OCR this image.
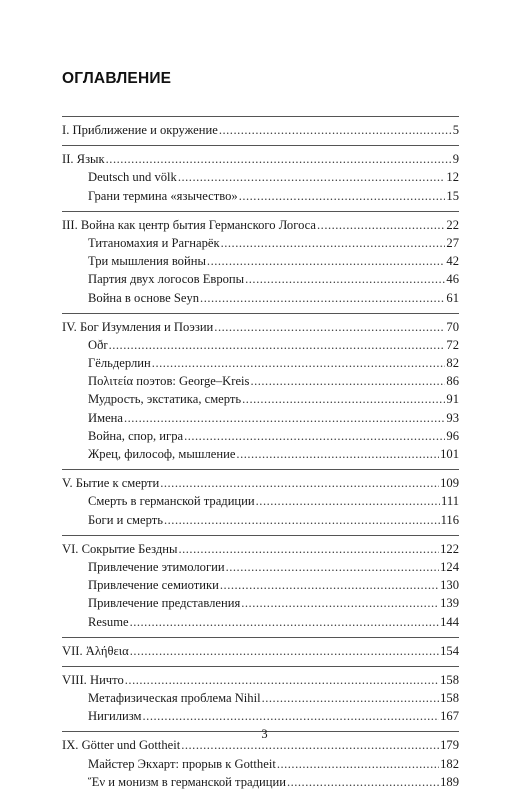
ОГЛАВЛЕНИЕ
I. Приближение и окружение .....	5
II. Язык .....	9
Deutsch und völk .....	12
Грани термина «язычество» .....	15
III. Война как центр бытия Германского Логоса .....	22
Титаномахия и Рагнарёк .....	27
Три мышления войны .....	42
Партия двух логосов Европы .....	46
Война в основе Seyn .....	61
IV. Бог Изумления и Поэзии .....	70
Oðr .....	72
Гёльдерлин .....	82
Πολιτεία поэтов: George–Kreis .....	86
Мудрость, экстатика, смерть .....	91
Имена .....	93
Война, спор, игра .....	96
Жрец, философ, мышление .....	101
V. Бытие к смерти .....	109
Смерть в германской традиции .....	111
Боги и смерть .....	116
VI. Сокрытие Бездны .....	122
Привлечение этимологии .....	124
Привлечение семиотики .....	130
Привлечение представления .....	139
Resume .....	144
VII. Ἀλήθεια .....	154
VIII. Ничто .....	158
Метафизическая проблема Nihil .....	158
Нигилизм .....	167
IX. Götter und Gottheit .....	179
Майстер Экхарт: прорыв к Gottheit .....	182
Ἕν и монизм в германской традиции .....	189
3
